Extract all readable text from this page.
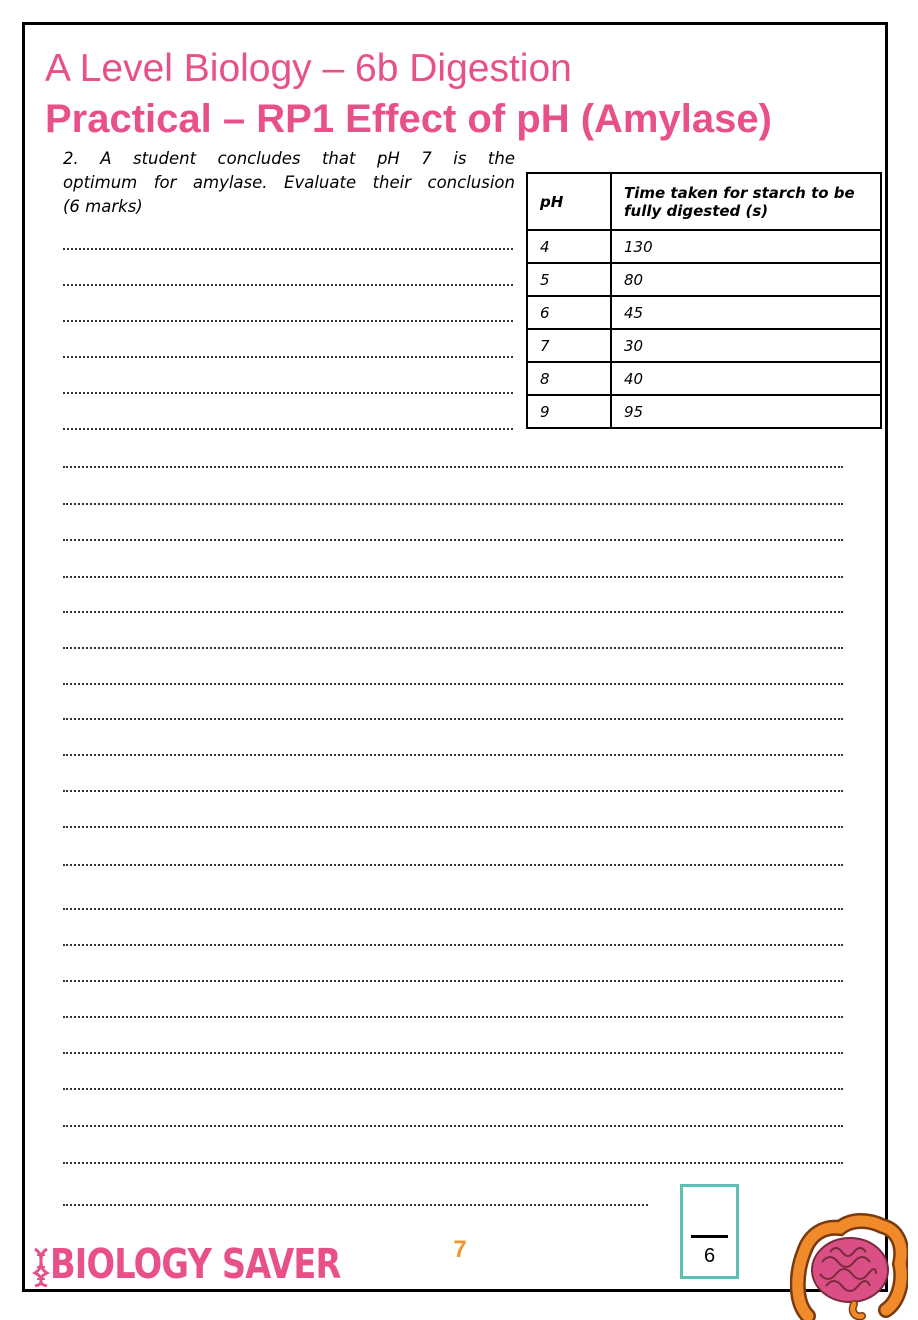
A Level Biology – 6b Digestion
Practical – RP1 Effect of pH (Amylase)

2. A student concludes that pH 7 is the

optimum for amylase. Evaluate their conclusion

(6 marks)	pH	Time taken for starch to be fully digested (s)
4	130
5	80
6	45
7	30
8	40
9	95
BIOLOGY SAVER	7	6
